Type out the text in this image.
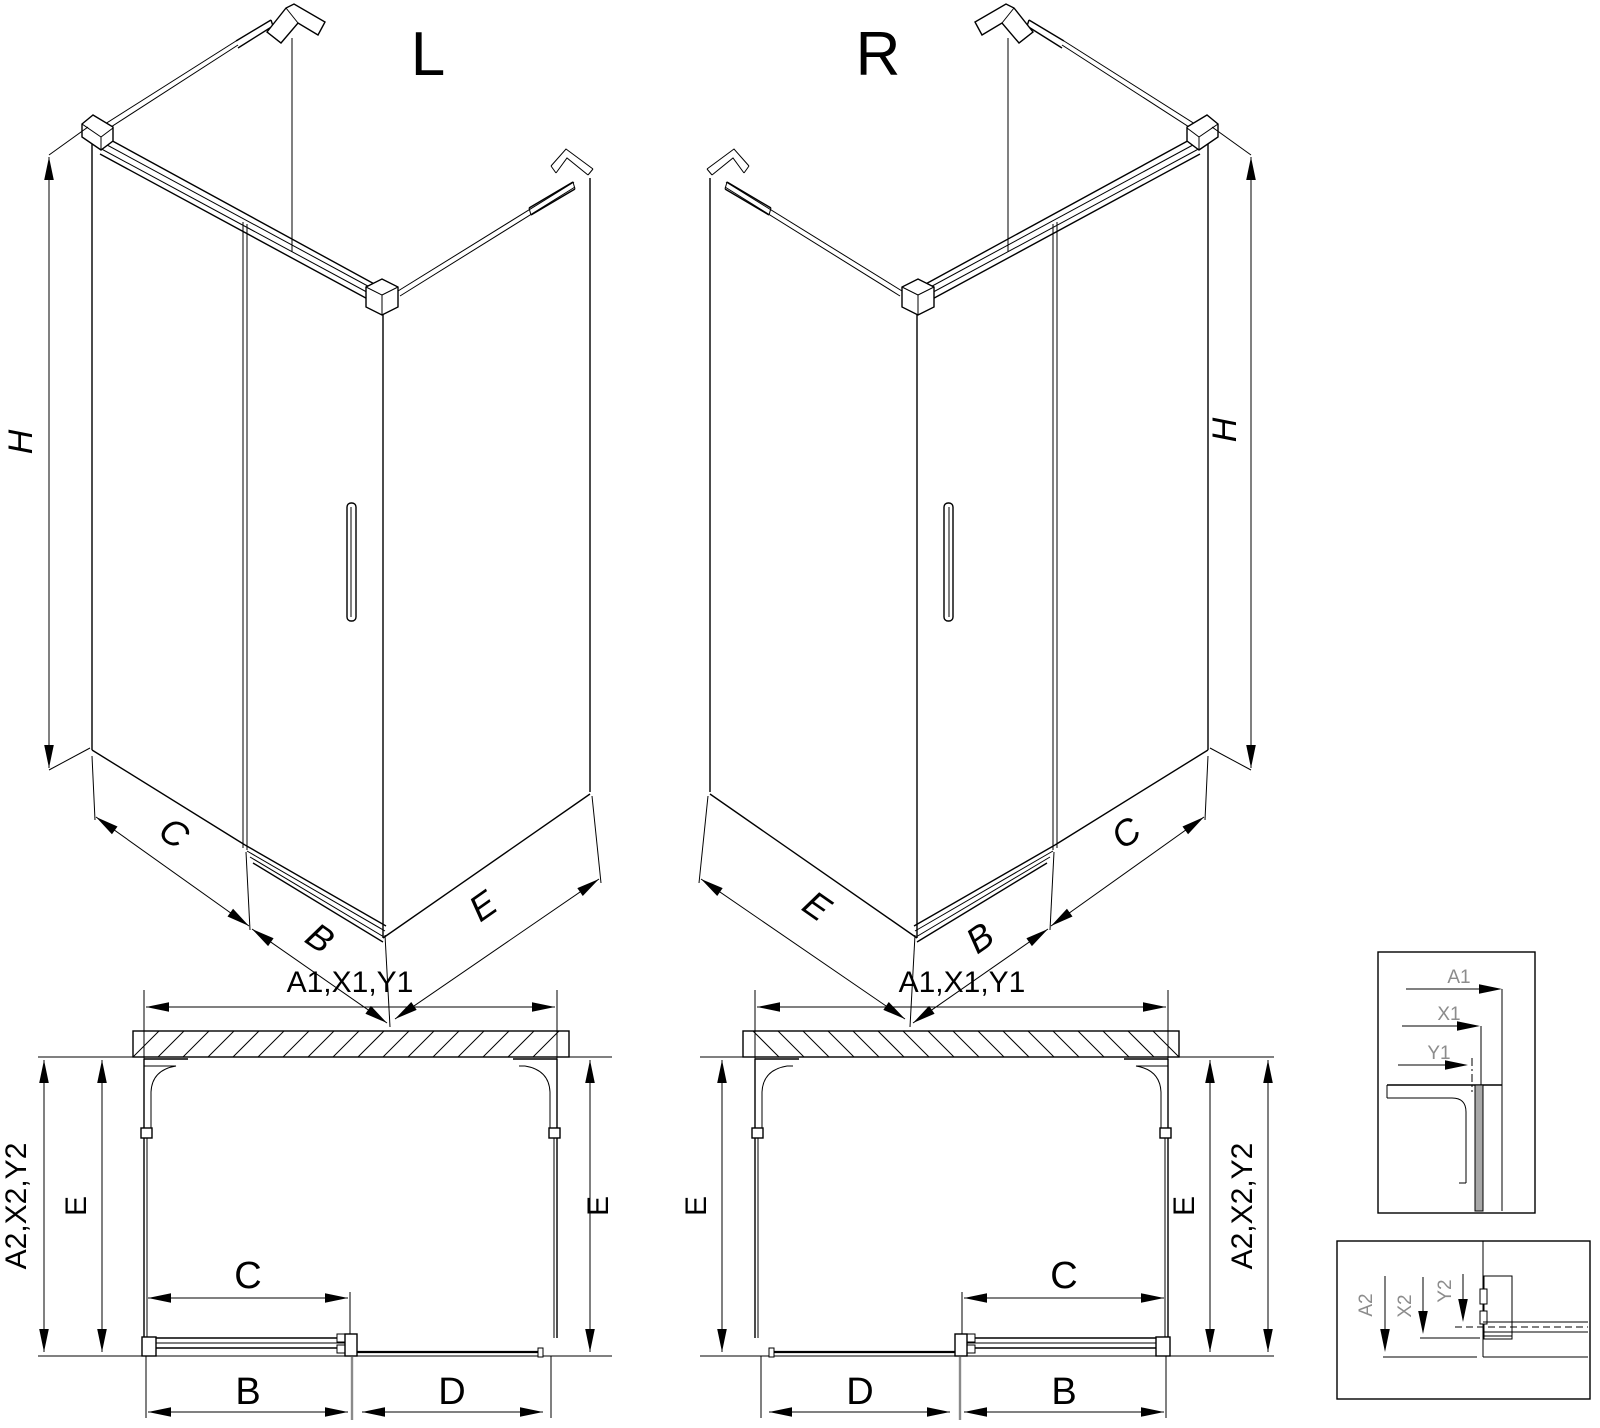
L
H
C
B
E
R
H
C
B
E
A1,X1,Y1
A2,X2,Y2 E	E
C
B	D
A1,X1,Y1
E	E A2,X2,Y2
C
B
D
A1
X1
Y1
A2 X2
Y2
